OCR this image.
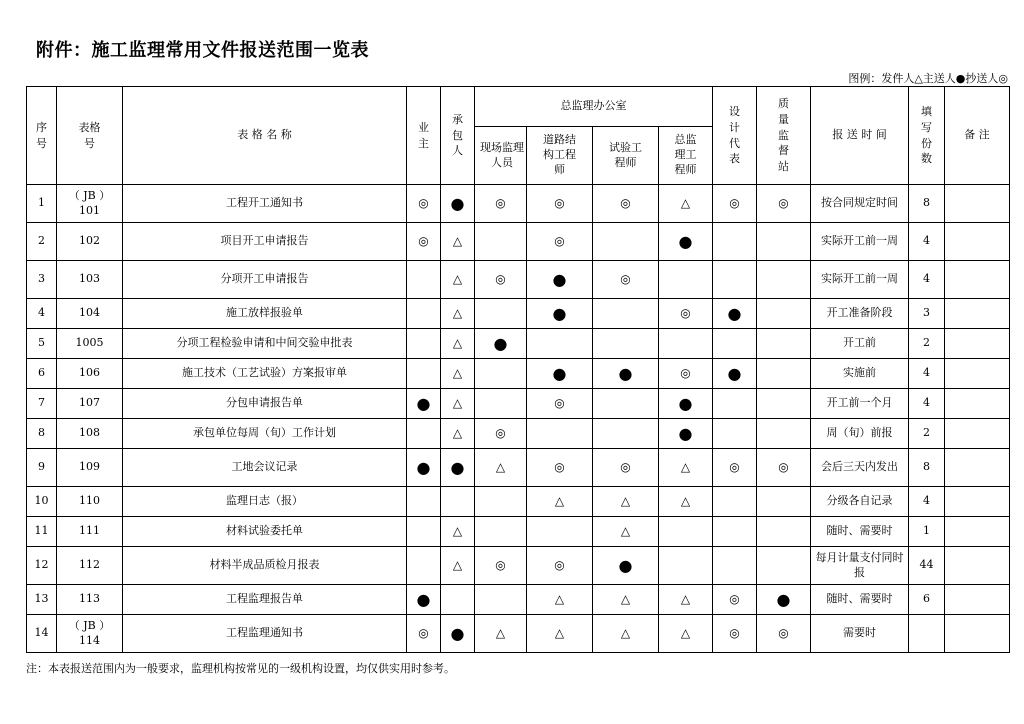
附件：施工监理常用文件报送范围一览表
图例：发件人△主送人●抄送人◎
序号	表格号	表 格 名 称	业主	承包人	总监理办公室				设计代表	质量监督站	报 送 时 间	填写份数	备 注

					现场监理人员	道路结构工程师	试验工程师	总监理工程师					

1	（ JB ）101	工程开工通知书	◎	●	◎	◎	◎	△	◎	◎	按合同规定时间	8	
2	102	项目开工申请报告	◎	△		◎		●			实际开工前一周	4	
3	103	分项开工申请报告		△	◎	●	◎				实际开工前一周	4	
4	104	施工放样报验单		△		●		◎	●		开工准备阶段	3	
5	1005	分项工程检验申请和中间交验申批表		△	●						开工前	2	
6	106	施工技术（工艺试验）方案报审单		△		●	●	◎	●		实施前	4	
7	107	分包申请报告单	●	△		◎		●			开工前一个月	4	
8	108	承包单位每周（旬）工作计划		△	◎			●			周（旬）前报	2	
9	109	工地会议记录	●	●	△	◎	◎	△	◎	◎	会后三天内发出	8	
10	110	监理日志（报）				△	△	△			分级各自记录	4	
11	111	材料试验委托单		△			△				随时、需要时	1	
12	112	材料半成品质检月报表		△	◎	◎	●				每月计量支付同时报	44	
13	113	工程监理报告单	●			△	△	△	◎	●	随时、需要时	6	
14	（ JB ）114	工程监理通知书	◎	●	△	△	△	△	◎	◎	需要时		
注：本表报送范围内为一般要求，监理机构按常见的一级机构设置，均仅供实用时参考。
